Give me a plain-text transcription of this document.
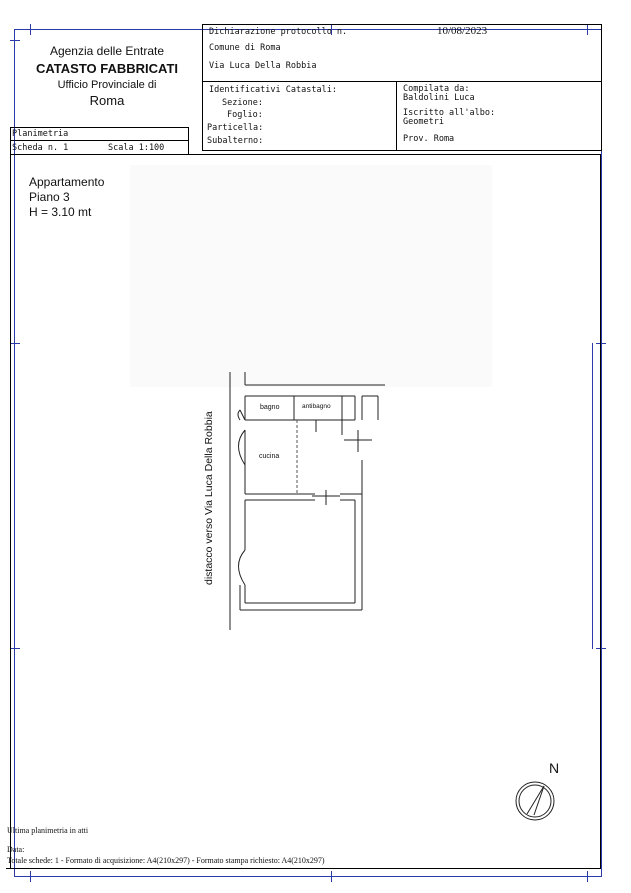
Agenzia delle Entrate
CATASTO FABBRICATI
Ufficio Provinciale di
Roma
Dichiarazione protocollo n.	10/08/2023
Comune di Roma
Via Luca Della Robbia
Identificativi Catastali:
Sezione:
Foglio:
Particella:
Subalterno:
Compilata da:
Baldolini Luca
Iscritto all'albo:
Geometri
Prov. Roma
Planimetria
Scheda n. 1	Scala 1:100
Appartamento
Piano 3
H = 3.10 mt
bagno	antibagno
cucina
distacco verso Via Luca Della Robbia
N
Ultima planimetria in atti
Data:
Totale schede: 1 - Formato di acquisizione: A4(210x297) - Formato stampa richiesto: A4(210x297)
